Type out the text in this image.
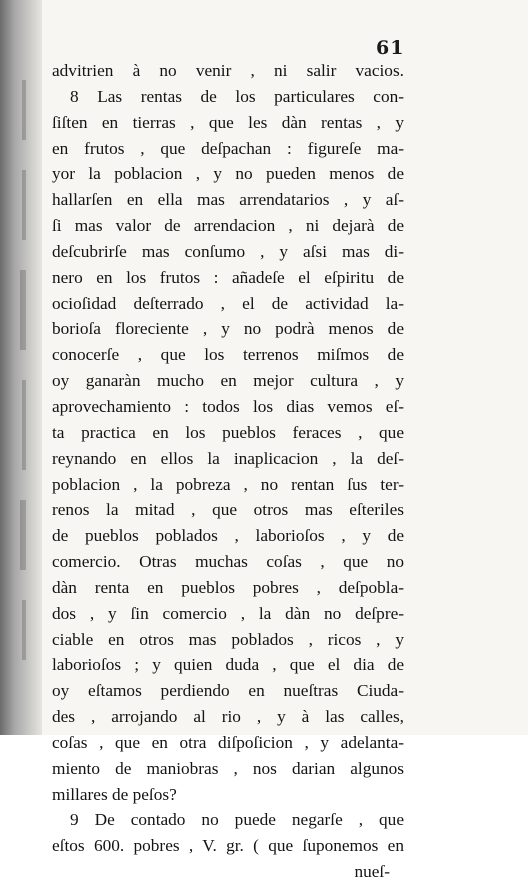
61
advitrien à no venir , ni salir vacios.
8 Las rentas de los particulares con-
ſiſten en tierras , que les dàn rentas , y
en frutos , que deſpachan : figureſe ma-
yor la poblacion , y no pueden menos de
hallarſen en ella mas arrendatarios , y aſ-
ſi mas valor de arrendacion , ni dejarà de
deſcubrirſe mas conſumo , y aſsi mas di-
nero en los frutos : añadeſe el eſpiritu de
ocioſidad deſterrado , el de actividad la-
borioſa floreciente , y no podrà menos de
conocerſe , que los terrenos miſmos de
oy ganaràn mucho en mejor cultura , y
aprovechamiento : todos los dias vemos eſ-
ta practica en los pueblos feraces , que
reynando en ellos la inaplicacion , la deſ-
poblacion , la pobreza , no rentan ſus ter-
renos la mitad , que otros mas eſteriles
de pueblos poblados , laborioſos , y de
comercio. Otras muchas coſas , que no
dàn renta en pueblos pobres , deſpobla-
dos , y ſin comercio , la dàn no deſpre-
ciable en otros mas poblados , ricos , y
laborioſos ; y quien duda , que el dia de
oy eſtamos perdiendo en nueſtras Ciuda-
des , arrojando al rio , y à las calles,
coſas , que en otra diſpoſicion , y adelanta-
miento de maniobras , nos darian algunos
millares de peſos?
9 De contado no puede negarſe , que
eſtos 600. pobres , V. gr. ( que ſuponemos en
nueſ-
